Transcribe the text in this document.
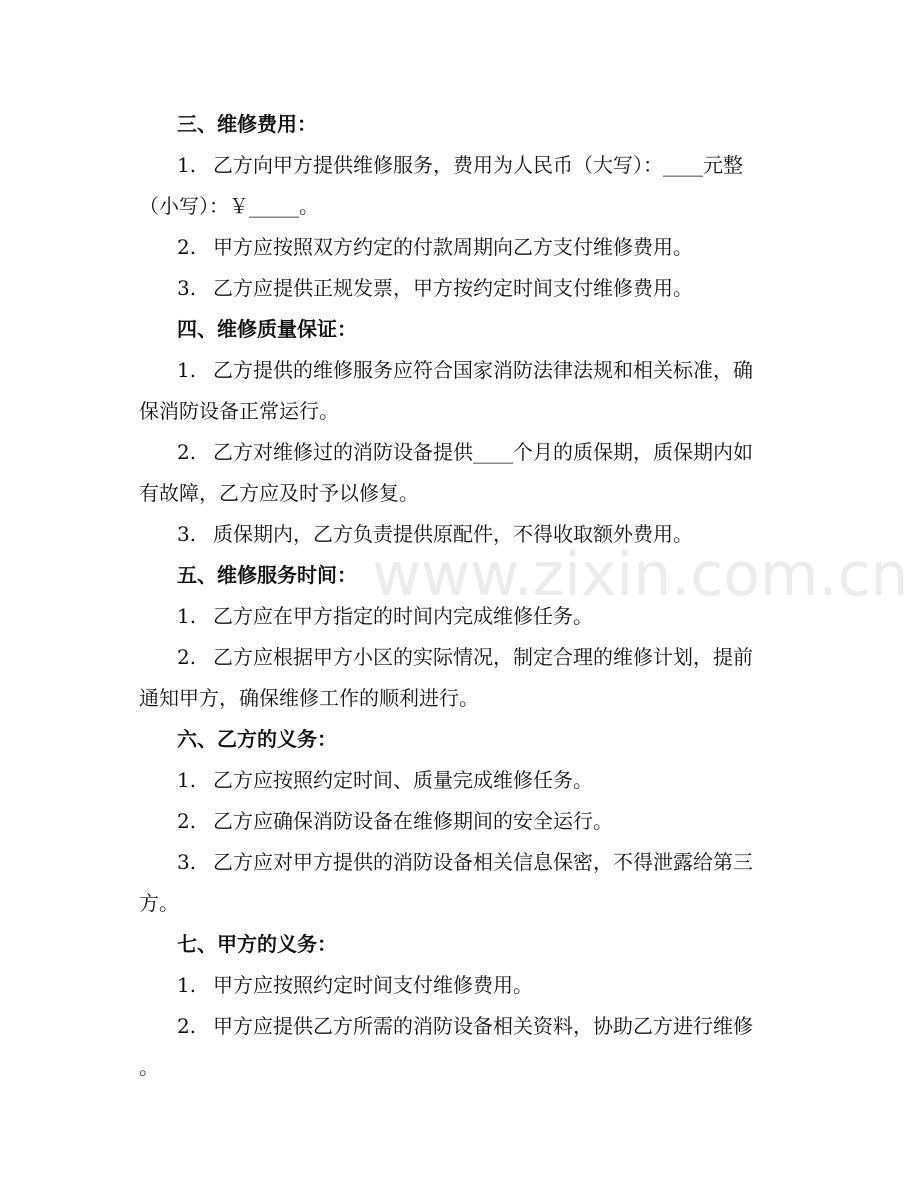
www.zixin.com.cn
三、维修费用：
1. 乙方向甲方提供维修服务，费用为人民币（大写）：____元整
（小写）：￥_____。
2. 甲方应按照双方约定的付款周期向乙方支付维修费用。
3. 乙方应提供正规发票，甲方按约定时间支付维修费用。
四、维修质量保证：
1. 乙方提供的维修服务应符合国家消防法律法规和相关标准，确
保消防设备正常运行。
2. 乙方对维修过的消防设备提供____个月的质保期，质保期内如
有故障，乙方应及时予以修复。
3. 质保期内，乙方负责提供原配件，不得收取额外费用。
五、维修服务时间：
1. 乙方应在甲方指定的时间内完成维修任务。
2. 乙方应根据甲方小区的实际情况，制定合理的维修计划，提前
通知甲方，确保维修工作的顺利进行。
六、乙方的义务：
1. 乙方应按照约定时间、质量完成维修任务。
2. 乙方应确保消防设备在维修期间的安全运行。
3. 乙方应对甲方提供的消防设备相关信息保密，不得泄露给第三
方。
七、甲方的义务：
1. 甲方应按照约定时间支付维修费用。
2. 甲方应提供乙方所需的消防设备相关资料，协助乙方进行维修
。
